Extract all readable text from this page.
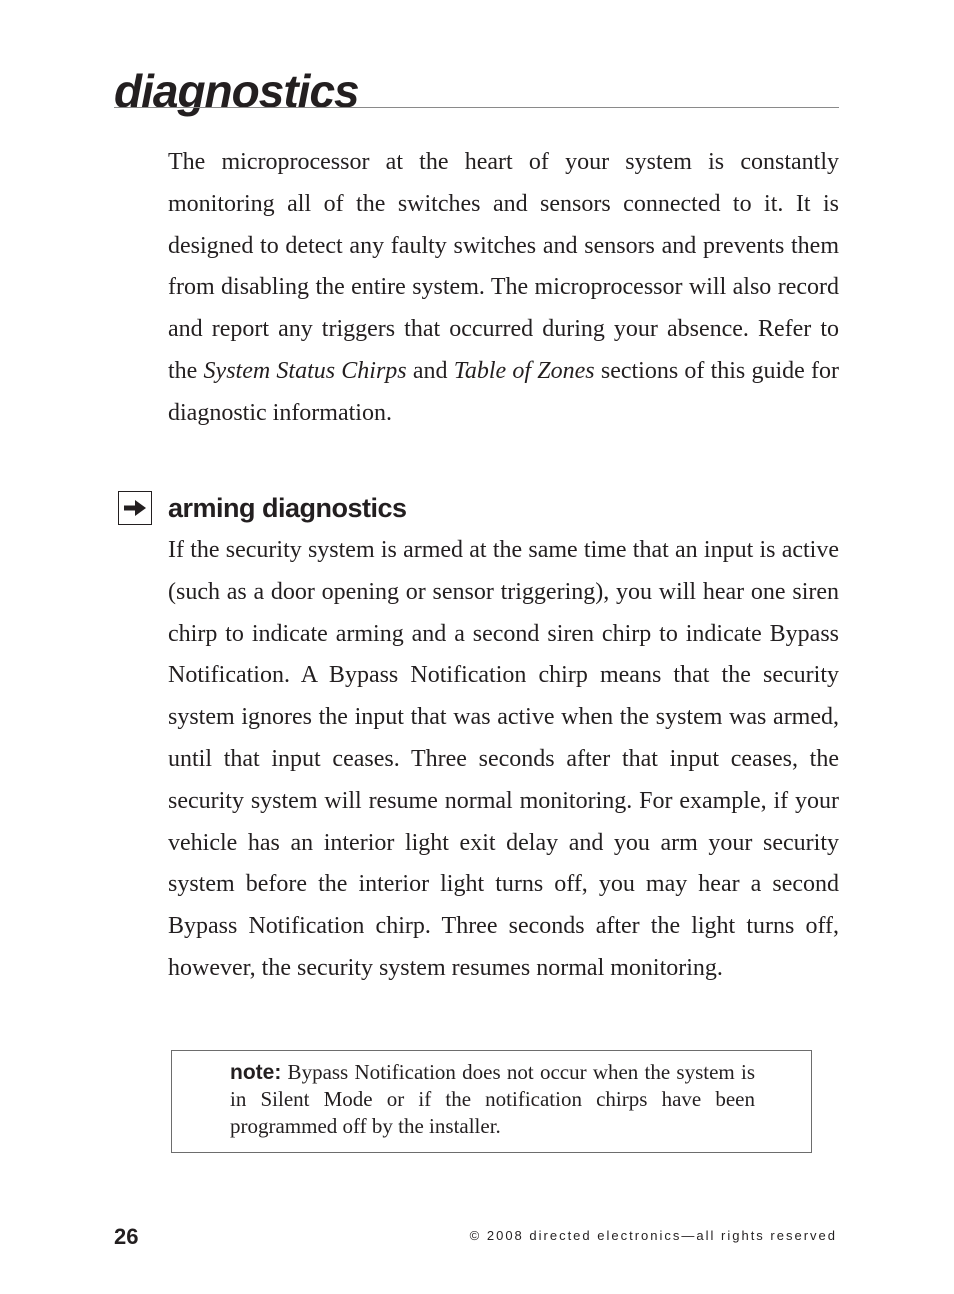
diagnostics

The microprocessor at the heart of your system is constantly monitoring all of the switches and sensors connected to it. It is designed to detect any faulty switches and sensors and prevents them from disabling the entire system. The microprocessor will also record and report any triggers that occurred during your absence. Refer to the System Status Chirps and Table of Zones sections of this guide for diagnostic information.

arming diagnostics

If the security system is armed at the same time that an input is active (such as a door opening or sensor triggering), you will hear one siren chirp to indicate arming and a second siren chirp to indicate Bypass Notification. A Bypass Notification chirp means that the security system ignores the input that was active when the system was armed, until that input ceases. Three seconds after that input ceases, the security system will resume normal monitoring. For example, if your vehicle has an interior light exit delay and you arm your security system before the interior light turns off, you may hear a second Bypass Notification chirp. Three seconds after the light turns off, however, the security system resumes normal monitoring.

note: Bypass Notification does not occur when the system is in Silent Mode or if the notification chirps have been programmed off by the installer.

26	© 2008 directed electronics—all rights reserved
